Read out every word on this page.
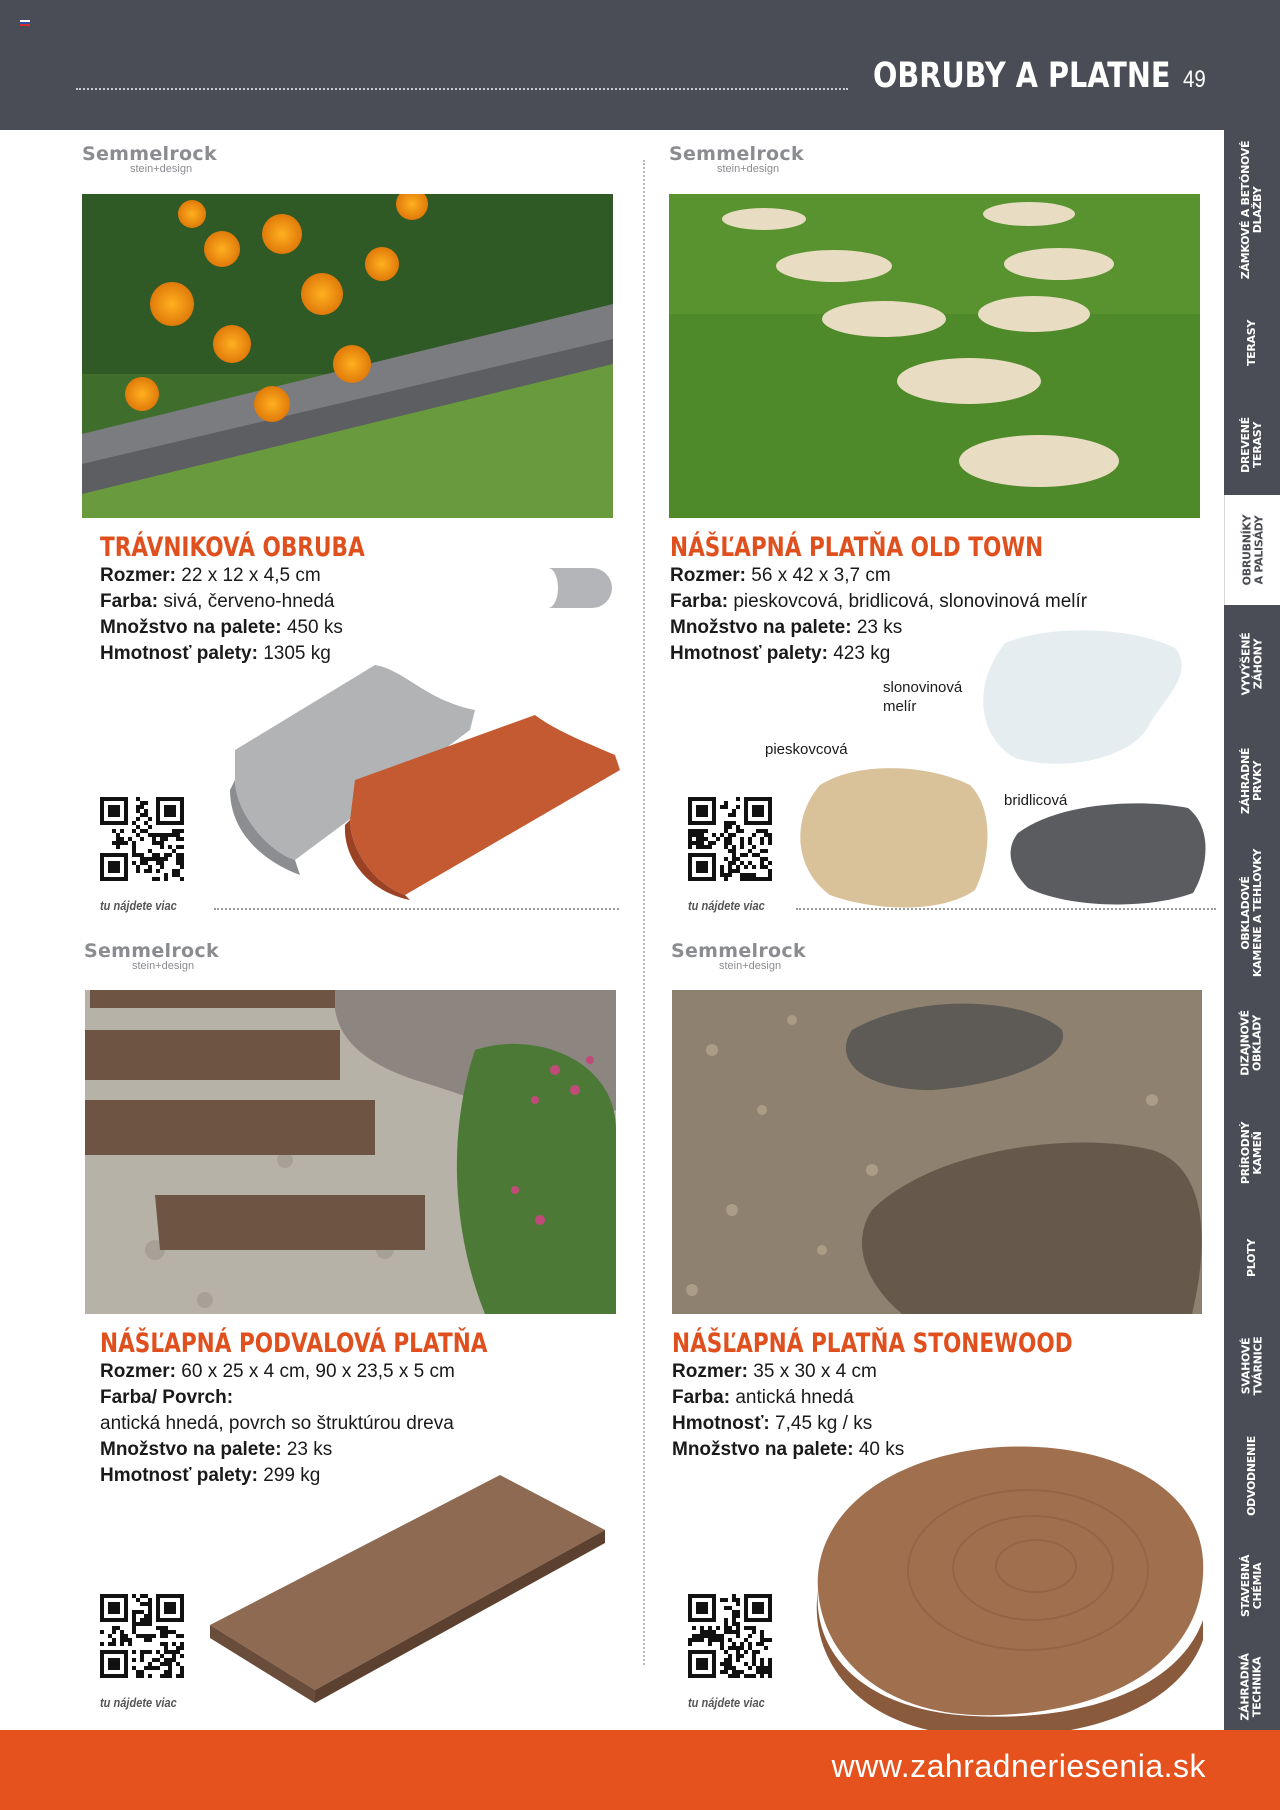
OBRUBY A PLATNE 49
ZÁMKOVÉ A BETÓNOVÉ
DLAŽBY
TERASY
DREVENÉ
TERASY
OBRUBNÍKY
A PALISÁDY
VYVÝŠENÉ
ZÁHONY
ZÁHRADNÉ
PRVKY
OBKLADOVÉ
KAMENE A TEHLOVKY
DIZAJNOVÉ
OBKLADY
PRÍRODNÝ
KAMEŇ
PLOTY
SVAHOVÉ
TVÁRNICE
ODVODNENIE
STAVEBNÁ
CHÉMIA
ZÁHRADNÁ
TECHNIKA
Semmelrock
stein+design
TRÁVNIKOVÁ OBRUBA
Rozmer: 22 x 12 x 4,5 cm
Farba: sivá, červeno-hnedá
Množstvo na palete: 450 ks
Hmotnosť palety: 1305 kg
tu nájdete viac
Semmelrock
stein+design
NÁŠĽAPNÁ PLATŇA OLD TOWN
Rozmer: 56 x 42 x 3,7 cm
Farba: pieskovcová, bridlicová, slonovinová melír
Množstvo na palete: 23 ks
Hmotnosť palety: 423 kg
slonovinová
melír
pieskovcová
bridlicová
tu nájdete viac
Semmelrock
stein+design
NÁŠĽAPNÁ PODVALOVÁ PLATŇA
Rozmer: 60 x 25 x 4 cm, 90 x 23,5 x 5 cm
Farba/ Povrch:
antická hnedá, povrch so štruktúrou dreva
Množstvo na palete: 23 ks
Hmotnosť palety: 299 kg
tu nájdete viac
Semmelrock
stein+design
NÁŠĽAPNÁ PLATŇA STONEWOOD
Rozmer: 35 x 30 x 4 cm
Farba: antická hnedá
Hmotnosť: 7,45 kg / ks
Množstvo na palete: 40 ks
tu nájdete viac
www.zahradneriesenia.sk
